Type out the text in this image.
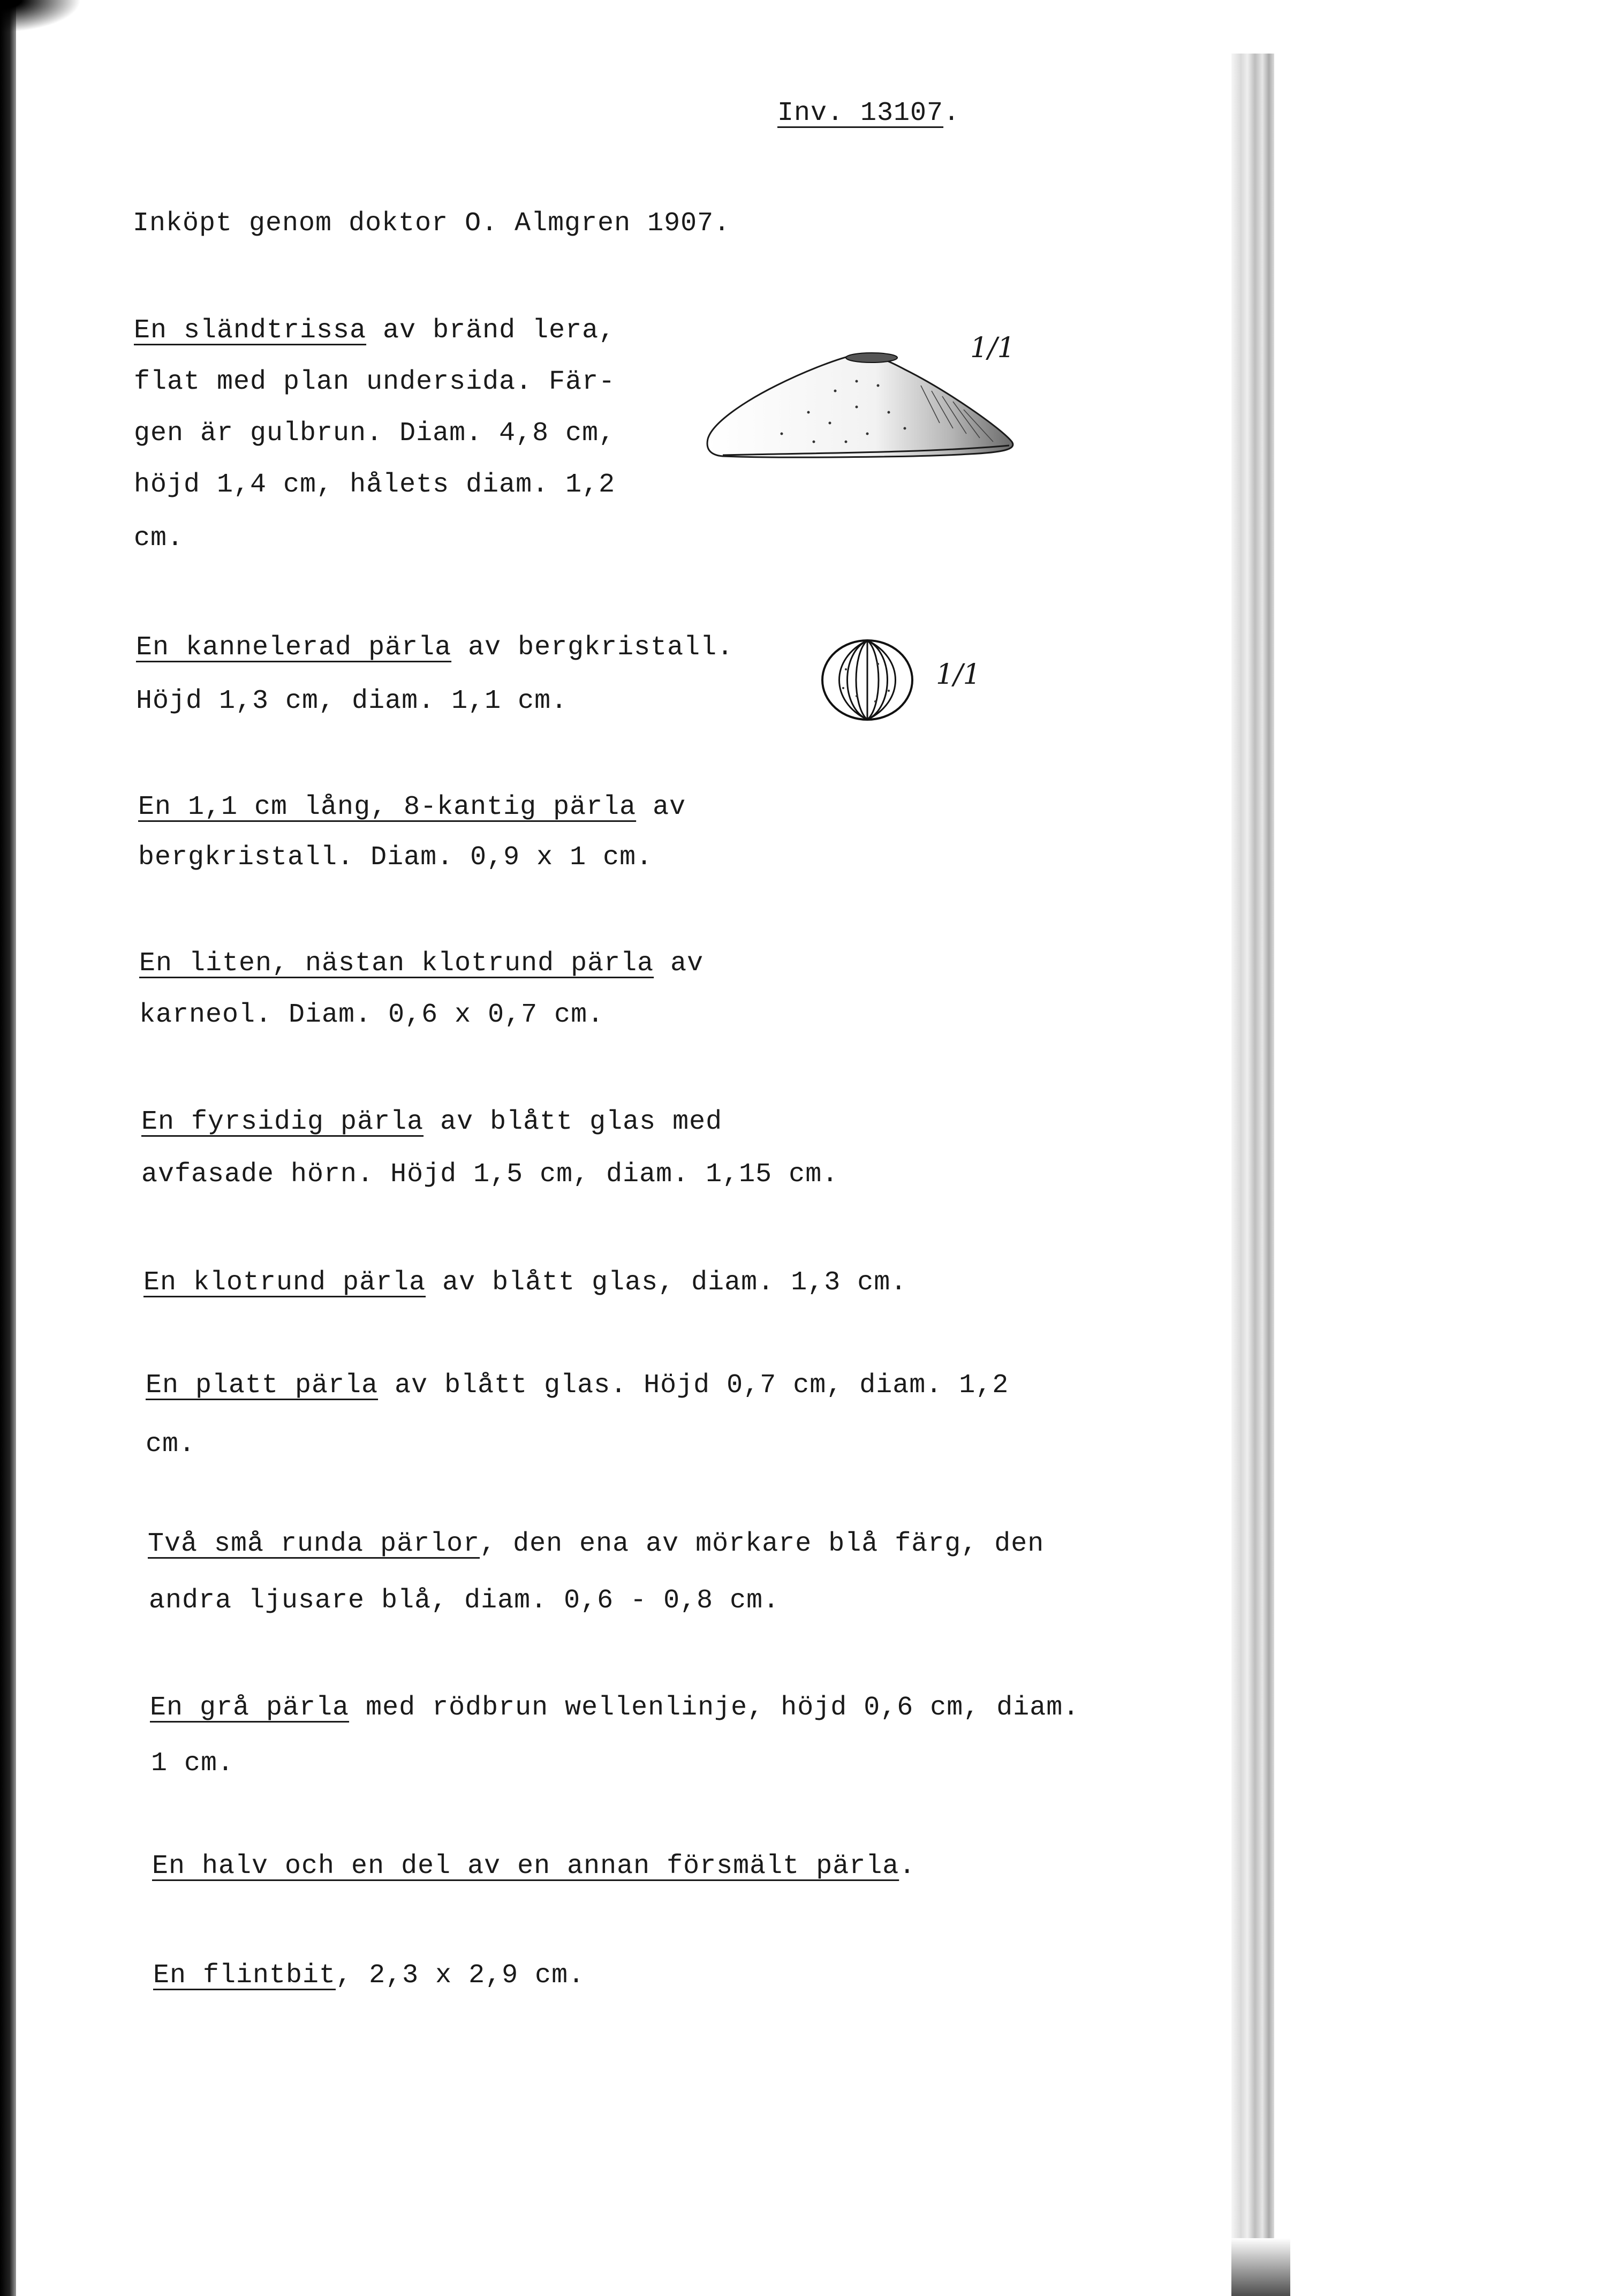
Inv. 13107.
Inköpt genom doktor O. Almgren 1907.
En sländtrissa av bränd lera,
flat med plan undersida. Fär-
gen är gulbrun. Diam. 4,8 cm,
höjd 1,4 cm, hålets diam. 1,2
cm.
1/1
En kannelerad pärla av bergkristall.
Höjd 1,3 cm, diam. 1,1 cm.
1/1
En 1,1 cm lång, 8-kantig pärla av
bergkristall. Diam. 0,9 x 1 cm.
En liten, nästan klotrund pärla av
karneol. Diam. 0,6 x 0,7 cm.
En fyrsidig pärla av blått glas med
avfasade hörn. Höjd 1,5 cm, diam. 1,15 cm.
En klotrund pärla av blått glas, diam. 1,3 cm.
En platt pärla av blått glas. Höjd 0,7 cm, diam. 1,2
cm.
Två små runda pärlor, den ena av mörkare blå färg, den
andra ljusare blå, diam. 0,6 - 0,8 cm.
En grå pärla med rödbrun wellenlinje, höjd 0,6 cm, diam.
1 cm.
En halv och en del av en annan försmält pärla.
En flintbit, 2,3 x 2,9 cm.
